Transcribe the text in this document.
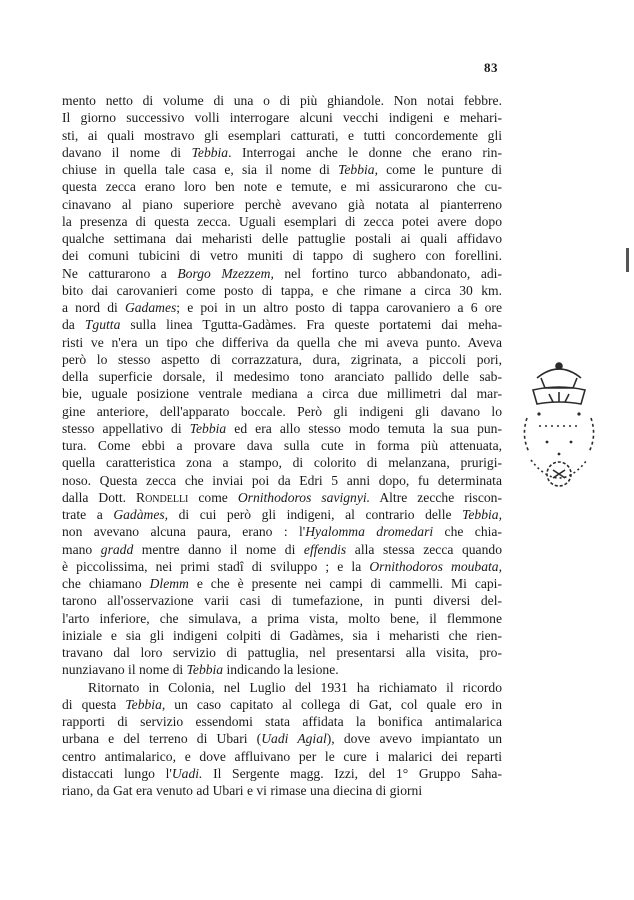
83
mento netto di volume di una o di più ghiandole. Non notai febbre.
Il giorno successivo volli interrogare alcuni vecchi indigeni e mehari-
sti, ai quali mostravo gli esemplari catturati, e tutti concordemente gli
davano il nome di Tebbia. Interrogai anche le donne che erano rin-
chiuse in quella tale casa e, sia il nome di Tebbia, come le punture di
questa zecca erano loro ben note e temute, e mi assicurarono che cu-
cinavano al piano superiore perchè avevano già notata al pianterreno
la presenza di questa zecca. Uguali esemplari di zecca potei avere dopo
qualche settimana dai meharisti delle pattuglie postali ai quali affidavo
dei comuni tubicini di vetro muniti di tappo di sughero con forellini.
Ne catturarono a Borgo Mzezzem, nel fortino turco abbandonato, adi-
bito dai carovanieri come posto di tappa, e che rimane a circa 30 km.
a nord di Gadames; e poi in un altro posto di tappa carovaniero a 6 ore
da Tgutta sulla linea Tgutta-Gadàmes. Fra queste portatemi dai meha-
risti ve n'era un tipo che differiva da quella che mi aveva punto. Aveva
però lo stesso aspetto di corrazzatura, dura, zigrinata, a piccoli pori,
della superficie dorsale, il medesimo tono aranciato pallido delle sab-
bie, uguale posizione ventrale mediana a circa due millimetri dal mar-
gine anteriore, dell'apparato boccale. Però gli indigeni gli davano lo
stesso appellativo di Tebbia ed era allo stesso modo temuta la sua pun-
tura. Come ebbi a provare dava sulla cute in forma più attenuata,
quella caratteristica zona a stampo, di colorito di melanzana, prurigi-
noso. Questa zecca che inviai poi da Edri 5 anni dopo, fu determinata
dalla Dott. Rondelli come Ornithodoros savignyi. Altre zecche riscon-
trate a Gadàmes, di cui però gli indigeni, al contrario delle Tebbia,
non avevano alcuna paura, erano : l'Hyalomma dromedari che chia-
mano gradd mentre danno il nome di effendis alla stessa zecca quando
è piccolissima, nei primi stadî di sviluppo ; e la Ornithodoros moubata,
che chiamano Dlemm e che è presente nei campi di cammelli. Mi capi-
tarono all'osservazione varii casi di tumefazione, in punti diversi del-
l'arto inferiore, che simulava, a prima vista, molto bene, il flemmone
iniziale e sia gli indigeni colpiti di Gadàmes, sia i meharisti che rien-
travano dal loro servizio di pattuglia, nel presentarsi alla visita, pro-
nunziavano il nome di Tebbia indicando la lesione.
Ritornato in Colonia, nel Luglio del 1931 ha richiamato il ricordo
di questa Tebbia, un caso capitato al collega di Gat, col quale ero in
rapporti di servizio essendomi stata affidata la bonifica antimalarica
urbana e del terreno di Ubari (Uadi Agial), dove avevo impiantato un
centro antimalarico, e dove affluivano per le cure i malarici dei reparti
distaccati lungo l'Uadi. Il Sergente magg. Izzi, del 1° Gruppo Saha-
riano, da Gat era venuto ad Ubari e vi rimase una diecina di giorni
